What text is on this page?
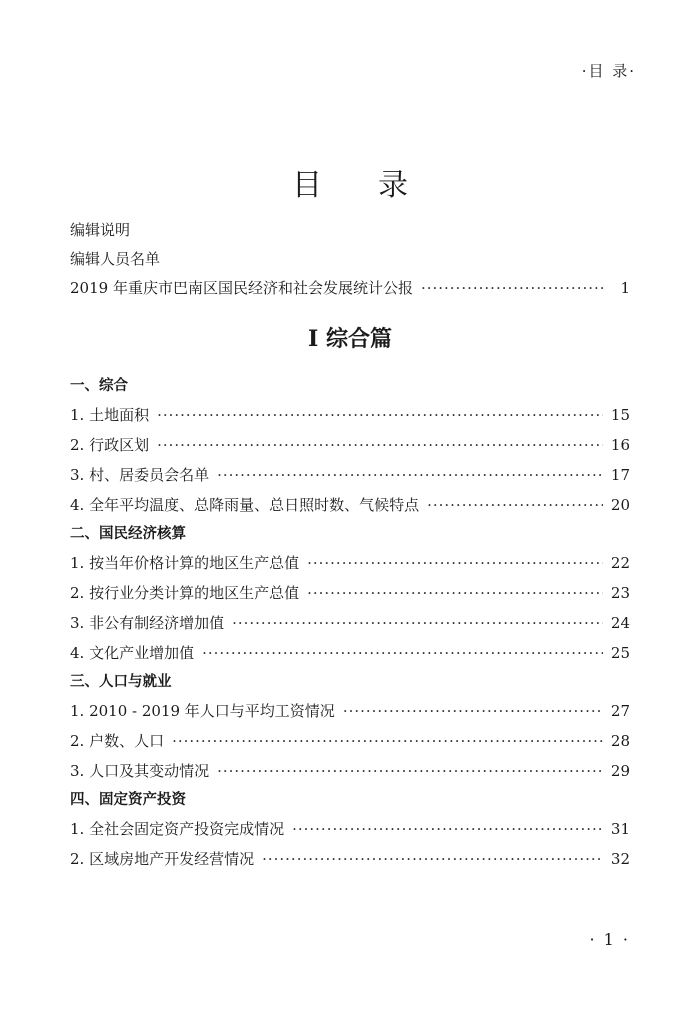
·目 录·
目录
编辑说明
编辑人员名单
2019 年重庆市巴南区国民经济和社会发展统计公报 ·····	1
I 综合篇
一、综合
1. 土地面积 ·····	15
2. 行政区划 ·····	16
3. 村、居委员会名单 ·····	17
4. 全年平均温度、总降雨量、总日照时数、气候特点 ·····	20
二、国民经济核算
1. 按当年价格计算的地区生产总值 ·····	22
2. 按行业分类计算的地区生产总值 ·····	23
3. 非公有制经济增加值 ·····	24
4. 文化产业增加值 ·····	25
三、人口与就业
1. 2010 - 2019 年人口与平均工资情况 ·····	27
2. 户数、人口 ·····	28
3. 人口及其变动情况 ·····	29
四、固定资产投资
1. 全社会固定资产投资完成情况 ·····	31
2. 区域房地产开发经营情况 ·····	32
· 1 ·
